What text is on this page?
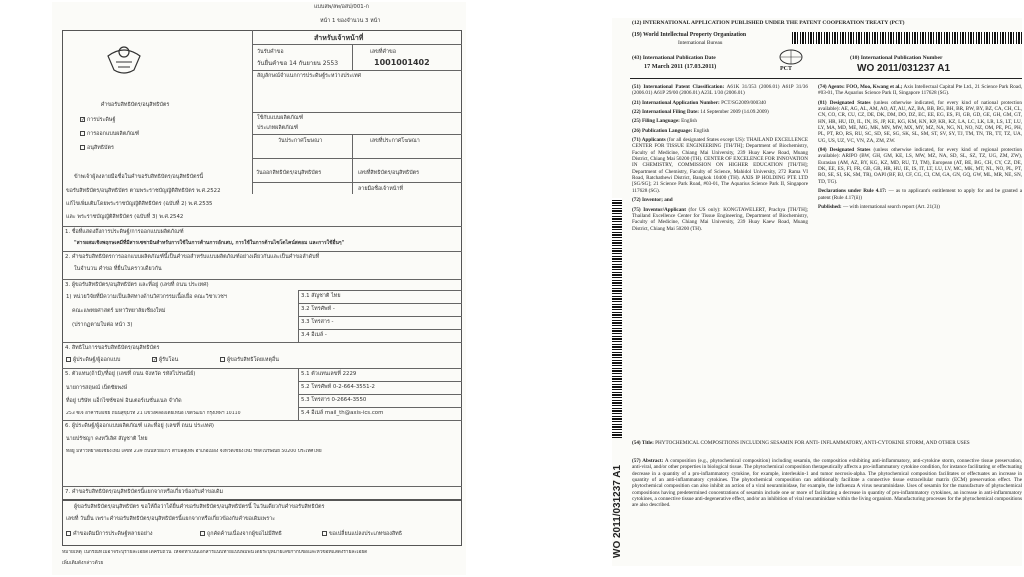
แบบสพ/ลพ/อสป/001-ก
หน้า 1 ของจำนวน 3 หน้า
คำขอรับสิทธิบัตร/อนุสิทธิบัตร
สำหรับเจ้าหน้าที่
วันรับคำขอ	เลขที่คำขอ
วันยื่นคำขอ 14 กันยายน 2553	1001001402
สัญลักษณ์จำแนกการประดิษฐ์ระหว่างประเทศ
ใช้กับแบบผลิตภัณฑ์
ประเภทผลิตภัณฑ์
วันประกาศโฆษณา	เลขที่ประกาศโฆษณา
วันออกสิทธิบัตร/อนุสิทธิบัตร	เลขที่สิทธิบัตร/อนุสิทธิบัตร
ลายมือชื่อเจ้าหน้าที่
✓ การประดิษฐ์
การออกแบบผลิตภัณฑ์
อนุสิทธิบัตร
ข้าพเจ้าผู้ลงลายมือชื่อในคำขอรับสิทธิบัตร/อนุสิทธิบัตรนี้
ขอรับสิทธิบัตร/อนุสิทธิบัตร ตามพระราชบัญญัติสิทธิบัตร พ.ศ.2522
แก้ไขเพิ่มเติมโดยพระราชบัญญัติสิทธิบัตร (ฉบับที่ 2) พ.ศ.2535
และ พระราชบัญญัติสิทธิบัตร (ฉบับที่ 3) พ.ศ.2542
1. ชื่อที่แสดงถึงการประดิษฐ์/การออกแบบผลิตภัณฑ์
"สารผสมเชิงพฤกษเคมีที่มีสารเซซามินสำหรับการใช้ในการต้านการอักเสบ, การใช้ในการต้านไซโตไคน์สตอม และการใช้อื่นๆ"
2. คำขอรับสิทธิบัตรการออกแบบผลิตภัณฑ์นี้เป็นคำขอสำหรับแบบผลิตภัณฑ์อย่างเดียวกันและเป็นคำขอลำดับที่
ในจำนวน คำขอ ที่ยื่นในคราวเดียวกัน
3. ผู้ขอรับสิทธิบัตร/อนุสิทธิบัตร และที่อยู่ (เลขที่ ถนน ประเทศ)
1) หน่วยวิจัยที่มีความเป็นเลิศทางด้านวิศวกรรมเนื้อเยื่อ คณะวิชาเวชฯ
คณะแพทยศาสตร์ มหาวิทยาลัยเชียงใหม่
(ปรากฏตามใบต่อ หน้า 3)
3.1 สัญชาติ ไทย
3.2 โทรศัพท์ -
3.3 โทรสาร -
3.4 อีเมล์ -
4. สิทธิในการขอรับสิทธิบัตร/อนุสิทธิบัตร
ผู้ประดิษฐ์/ผู้ออกแบบ	✓ ผู้รับโอน	ผู้ขอรับสิทธิโดยเหตุอื่น
5. ตัวแทน(ถ้ามี)/ที่อยู่ (เลขที่ ถนน จังหวัด รหัสไปรษณีย์)
นายการสฤษณ์ เบ็ตชัยพงษ์
ที่อยู่ บริษัท แอ็กไซซ์ซอฟ อินเตอร์เนชั่นแนล จำกัด
253 ซีเจ อาคารเอเชีย ถนนสุขุมวิท 21 แขวงคลองเตยเหนือ เขตวัฒนา กรุงเทพฯ 10110
5.1 ตัวแทนเลขที่ 2229
5.2 โทรศัพท์ 0-2-664-3551-2
5.3 โทรสาร 0-2664-3550
5.4 อีเมล์ mail_th@axis-ics.com
6. ผู้ประดิษฐ์/ผู้ออกแบบผลิตภัณฑ์ และที่อยู่ (เลขที่ ถนน ประเทศ)
นายปรัชญา คงทวีเลิศ สัญชาติ ไทย
ที่อยู่ มหาวิทยาลัยเชียงใหม่ เลขที่ 239 ถนนห้วยแก้ว ตำบลสุเทพ อำเภอเมือง จังหวัดเชียงใหม่ รหัสไปรษณีย์ 50200 ประเทศไทย
7. คำขอรับสิทธิบัตร/อนุสิทธิบัตรนี้แยกจากหรือเกี่ยวข้องกับคำขอเดิม
ผู้ขอรับสิทธิบัตร/อนุสิทธิบัตร ขอให้ถือว่าได้ยื่นคำขอรับสิทธิบัตร/อนุสิทธิบัตรนี้ ในวันเดียวกับคำขอรับสิทธิบัตร
เลขที่ วันยื่น เพราะคำขอรับสิทธิบัตร/อนุสิทธิบัตรนี้แยกจากหรือเกี่ยวข้องกับคำขอเดิมเพราะ
คำขอเดิมมีการประดิษฐ์หลายอย่าง	ถูกคัดค้านเนื่องจากผู้ขอไม่มีสิทธิ	ขอเปลี่ยนแปลงประเภทของสิทธิ
หมายเหตุ ในกรณีที่ไม่อาจระบุรายละเอียดได้ครบถ้วน ให้จัดทำเป็นเอกสารแนบท้ายแบบพิมพ์นี้โดยระบุหมายเลขกำกับข้อและหัวข้อที่แสดงรายละเอียด
เพิ่มเติมดังกล่าวด้วย
(12) INTERNATIONAL APPLICATION PUBLISHED UNDER THE PATENT COOPERATION TREATY (PCT)
(19) World Intellectual Property Organization
International Bureau
(43) International Publication Date
17 March 2011 (17.03.2011)	PCT
(10) International Publication Number
WO 2011/031237 A1
WO 2011/031237 A1

(51) International Patent Classification: A61K 31/353 (2006.01) A61P 31/36 (2006.01) A61P 29/00 (2006.01) A23L 1/30 (2006.01)

(21) International Application Number: PCT/SG2009/000340

(22) International Filing Date: 14 September 2009 (14.09.2009)

(25) Filing Language: English

(26) Publication Language: English

(71) Applicants (for all designated States except US): THAILAND EXCELLENCE CENTER FOR TISSUE ENGINEERING [TH/TH]; Department of Biochemistry, Faculty of Medicine, Chiang Mai University, 239 Huay Kaew Road, Muang District, Chiang Mai 50200 (TH). CENTER OF EXCELENCE FOR INNOVATION IN CHEMISTRY, COMMISSION ON HIGHER EDUCATION [TH/TH]; Department of Chemistry, Faculty of Science, Mahidol University, 272 Rama VI Road, Ratchathewi District, Bangkok 10400 (TH). AXIS IP HOLDING PTE LTD [SG/SG]; 21 Science Park Road, #03-01, The Aquarius Science Park II, Singapore 117628 (SG).

(72) Inventor; and

(75) Inventor/Applicant (for US only): KONGTAWELERT, Prachya [TH/TH]; Thailand Excellence Center for Tissue Engineering, Department of Biochemistry, Faculty of Medicine, Chiang Mai University, 239 Huay Kaew Road, Muang District, Chiang Mai 50200 (TH).

(74) Agents: FOO, Moo, Kwang et al.; Axis Intellectual Capital Pte Ltd., 21 Science Park Road, #03-01, The Aquarius Science Park II, Singapore 117628 (SG).

(81) Designated States (unless otherwise indicated, for every kind of national protection available): AE, AG, AL, AM, AO, AT, AU, AZ, BA, BB, BG, BH, BR, BW, BY, BZ, CA, CH, CL, CN, CO, CR, CU, CZ, DE, DK, DM, DO, DZ, EC, EE, EG, ES, FI, GB, GD, GE, GH, GM, GT, HN, HR, HU, ID, IL, IN, IS, JP, KE, KG, KM, KN, KP, KR, KZ, LA, LC, LK, LR, LS, LT, LU, LY, MA, MD, ME, MG, MK, MN, MW, MX, MY, MZ, NA, NG, NI, NO, NZ, OM, PE, PG, PH, PL, PT, RO, RS, RU, SC, SD, SE, SG, SK, SL, SM, ST, SV, SY, TJ, TM, TN, TR, TT, TZ, UA, UG, US, UZ, VC, VN, ZA, ZM, ZW.

(84) Designated States (unless otherwise indicated, for every kind of regional protection available): ARIPO (BW, GH, GM, KE, LS, MW, MZ, NA, SD, SL, SZ, TZ, UG, ZM, ZW), Eurasian (AM, AZ, BY, KG, KZ, MD, RU, TJ, TM), European (AT, BE, BG, CH, CY, CZ, DE, DK, EE, ES, FI, FR, GB, GR, HR, HU, IE, IS, IT, LT, LU, LV, MC, MK, MT, NL, NO, PL, PT, RO, SE, SI, SK, SM, TR), OAPI (BF, BJ, CF, CG, CI, CM, GA, GN, GQ, GW, ML, MR, NE, SN, TD, TG).

Declarations under Rule 4.17: — as to applicant's entitlement to apply for and be granted a patent (Rule 4.17(ii))

Published: — with international search report (Art. 21(3))

(54) Title: PHYTOCHEMICAL COMPOSITIONS INCLUDING SESAMIN FOR ANTI- INFLAMMATORY, ANTI-CYTOKINE STORM, AND OTHER USES

(57) Abstract: A composition (e.g., phytochemical composition) including sesamin, the composition exhibiting anti-inflammatory, anti-cytokine storm, connective tissue preservation, anti-viral, and/or other properties in biological tissue. The phytochemical composition therapeutically affects a pro-inflammatory cytokine condition, for instance facilitating or effectuating decrease in a quantity of a pro-inflammatory cytokine, for example, interleukin-1 and tumor necrosis-alpha. The phytochemical composition facilitates or effectuates an increase in quantity of an anti-inflammatory cytokines. The phytochemical composition can additionally facilitate a connective tissue extracellular matrix (ECM) preservation effect. The phytochemical composition can also inhibit an action of a viral neuraminidase, for example, the influenza A virus neuraminidase. Uses of sesamin for the manufacture of phytochemical compositions having predetermined concentrations of sesamin include one or more of facilitating a decrease in quantity of pro-inflammatory cytokines, an increase in anti-inflammatory cytokines, a connective tissue anti-degenerative effect, and/or an inhibition of viral neuraminidase within the living organism. Manufacturing processes for the phytochemical compositions are also described.
